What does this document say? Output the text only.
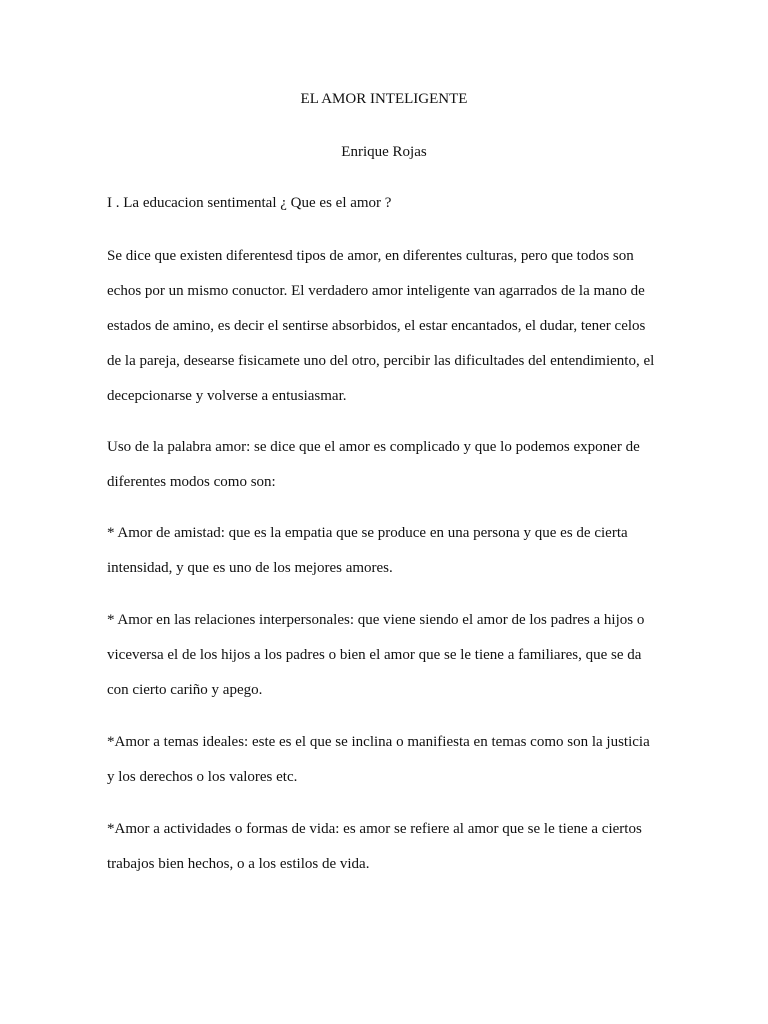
EL AMOR INTELIGENTE

Enrique Rojas

I . La educacion sentimental ¿ Que es el amor ?

Se dice que existen diferentesd tipos de amor, en diferentes culturas, pero que todos son
echos por un mismo conuctor. El verdadero amor inteligente van agarrados de la mano de
estados de amino, es decir el sentirse absorbidos, el estar encantados, el dudar, tener celos
de la pareja, desearse fisicamete uno del otro, percibir las dificultades del entendimiento, el
decepcionarse y volverse a entusiasmar.

Uso de la palabra amor: se dice que el amor es complicado y que lo podemos exponer de
diferentes modos como son:

* Amor de amistad: que es la empatia que se produce en una persona y que es de cierta
intensidad, y que es uno de los mejores amores.

* Amor en las relaciones interpersonales: que viene siendo el amor de los padres a hijos o
viceversa el de los hijos a los padres o bien el amor que se le tiene a familiares, que se da
con cierto cariño y apego.

*Amor a temas ideales: este es el que se inclina o manifiesta en temas como son la justicia
y los derechos o los valores etc.

*Amor a actividades o formas de vida: es amor se refiere al amor que se le tiene a ciertos
trabajos bien hechos, o a los estilos de vida.
